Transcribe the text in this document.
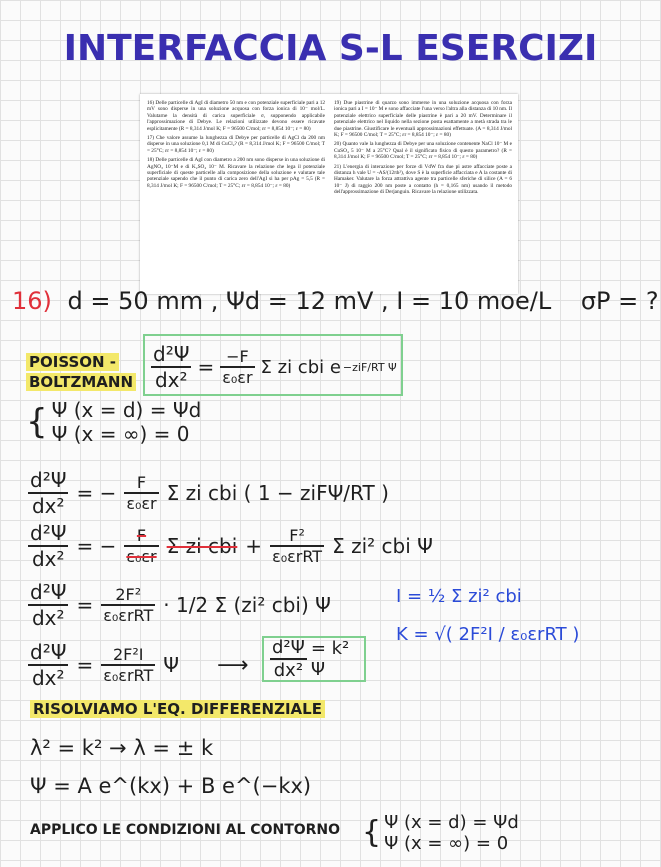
INTERFACCIA S-L ESERCIZI

16) Delle particelle di AgI di diametro 50 nm e con potenziale superficiale pari a 12 mV sono disperse in una soluzione acquosa con forza ionica di 10⁻ mol/L. Valutarne la densità di carica superficiale σ, supponendo applicabile l'approssimazione di Debye. Le relazioni utilizzate devono essere ricavate esplicitamente (R = 8,314 J/mol K; F = 96500 C/mol; εr = 8,854 10⁻; ε = 80)

17) Che valore assume la lunghezza di Debye per particelle di AgCl da 200 nm disperse in una soluzione 0,1 M di CuCl₂? (R = 8,314 J/mol K; F = 96500 C/mol; T = 25°C; εr = 8,854 10⁻; ε = 80)

18) Delle particelle di AgI con diametro a 200 nm sono disperse in una soluzione di AgNO₃ 10⁻M e di K₂SO₄ 10⁻ M. Ricavare la relazione che lega il potenziale superficiale di queste particelle alla composizione della soluzione e valutare tale potenziale sapendo che il punto di carica zero dell'AgI si ha per pAg = 5,5 (R = 8,314 J/mol K; F = 96500 C/mol; T = 25°C; εr = 8,854 10⁻; ε = 80)

19) Due piastrine di quarzo sono immerse in una soluzione acquosa con forza ionica pari a I = 10⁻ M e sono affacciate l'una verso l'altra alla distanza di 10 nm. Il potenziale elettrico superficiale delle piastrine è pari a 20 mV. Determinare il potenziale elettrico nel liquido nella sezione posta esattamente a metà strada tra le due piastrine. Giustificare le eventuali approssimazioni effettuate. (A = 8,314 J/mol K; F = 96500 C/mol; T = 25°C; εr = 8,854 10⁻; ε = 80)

20) Quanto vale la lunghezza di Debye per una soluzione contenente NaCl 10⁻ M e CuSO₄ 5 10⁻ M a 25°C? Qual è il significato fisico di questo parametro? (R = 8,314 J/mol K; F = 96500 C/mol; T = 25°C; εr = 8,854 10⁻; ε = 80)

21) L'energia di interazione per forze di VdW fra due pi astre affacciate poste a distanza h vale U = -AS/(12πh²), dove S è la superficie affacciata e A la costante di Hamaker. Valutare la forza attrattiva agente tra particelle sferiche di silice (A = 6 10⁻ J) di raggio 200 nm poste a contatto (h = 0,165 nm) usando il metodo dell'approssimazione di Derjanguin. Ricavare la relazione utilizzata.

16) d = 50 mm , Ψd = 12 mV , I = 10 moe/L σP = ?
POISSON -
BOLTZMANN $\frac{\text{d²Ψ}}{\text{dx²}} = \frac{-F}{\text{ε₀εr}}$ Σ zi cbi e −ziF/RT Ψ
{ Ψ (x = d) = Ψd
Ψ (x = ∞) = 0
$\frac{\text{d²Ψ}}{\text{dx²}}$ = − $\frac{F}{\text{ε₀εr}}$ Σ zi cbi ( 1 − ziFΨ/RT )
$\frac{\text{d²Ψ}}{\text{dx²}}$ = − $\frac{F}{\text{ε₀εr}}$ Σ zi cbi + $\frac{\text{F²}}{\text{ε₀εrRT}}$ Σ zi² cbi Ψ
$\frac{\text{d²Ψ}}{\text{dx²}} = \frac{\text{2F²}}{\text{ε₀εrRT}} \cdot 1/2$ Σ (zi² cbi) Ψ	I = ½ Σ zi² cbi
K = √( 2F²I / ε₀εrRT )
$\frac{\text{d²Ψ}}{\text{dx²}} = \frac{\text{2F²I}}{\text{ε₀εrRT}}$ Ψ ⟶ $\frac{\text{d²Ψ}}{\text{dx²}} = k^2$ Ψ
RISOLVIAMO L'EQ. DIFFERENZIALE
λ² = k² → λ = ± k
Ψ = A e^(kx) + B e^(−kx)
APPLICO LE CONDIZIONI AL CONTORNO { Ψ (x = d) = Ψd
Ψ (x = ∞) = 0
